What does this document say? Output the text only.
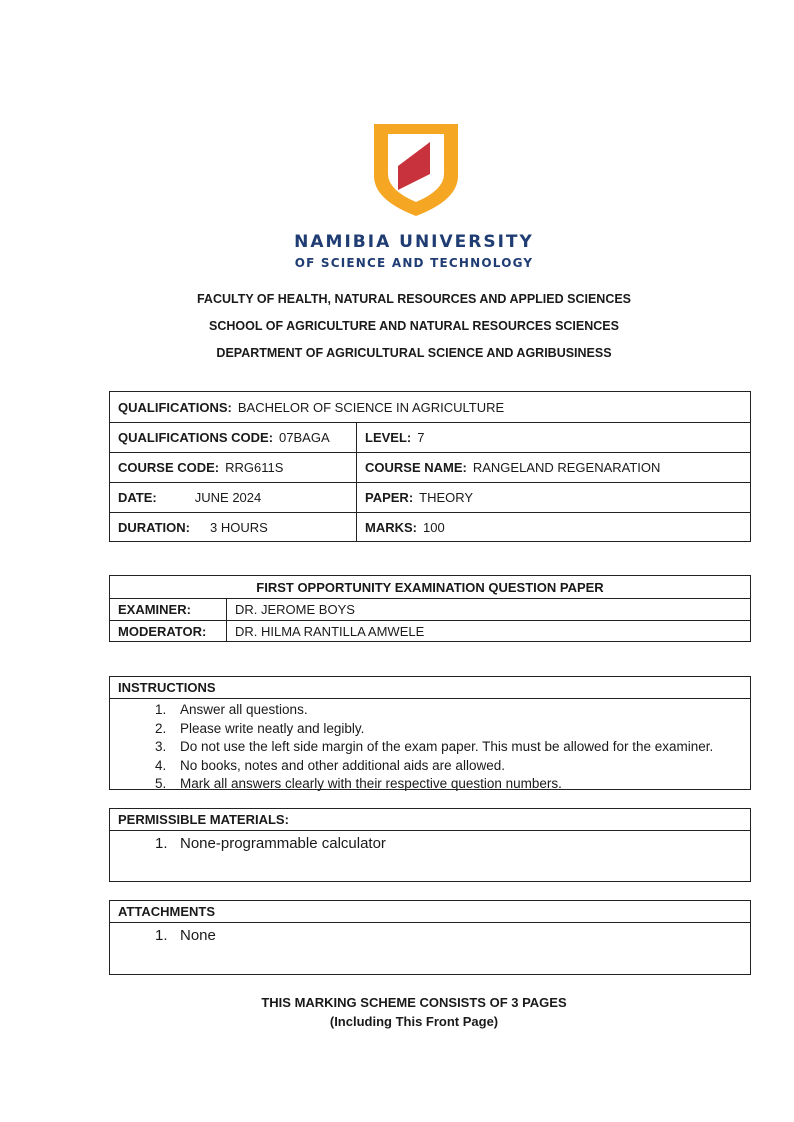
NAMIBIA UNIVERSITY
OF SCIENCE AND TECHNOLOGY
FACULTY OF HEALTH, NATURAL RESOURCES AND APPLIED SCIENCES
SCHOOL OF AGRICULTURE AND NATURAL RESOURCES SCIENCES
DEPARTMENT OF AGRICULTURAL SCIENCE AND AGRIBUSINESS
QUALIFICATIONS: BACHELOR OF SCIENCE IN AGRICULTURE
QUALIFICATIONS CODE: 07BAGA	LEVEL: 7
COURSE CODE: RRG611S	COURSE NAME: RANGELAND REGENARATION
DATE:	JUNE 2024	PAPER: THEORY
DURATION: 3 HOURS	MARKS: 100
FIRST OPPORTUNITY EXAMINATION QUESTION PAPER
EXAMINER:	DR. JEROME BOYS
MODERATOR:	DR. HILMA RANTILLA AMWELE
INSTRUCTIONS
1. Answer all questions.
2. Please write neatly and legibly.
3. Do not use the left side margin of the exam paper. This must be allowed for the examiner.
4. No books, notes and other additional aids are allowed.
5. Mark all answers clearly with their respective question numbers.
PERMISSIBLE MATERIALS:
1. None-programmable calculator
ATTACHMENTS
1. None
THIS MARKING SCHEME CONSISTS OF 3 PAGES
(Including This Front Page)
